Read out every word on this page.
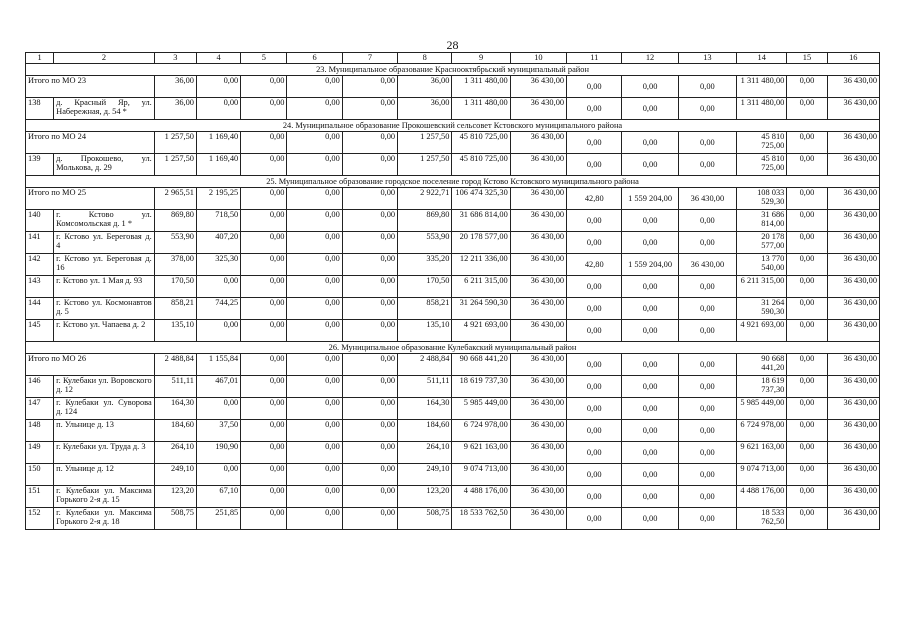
28
1	2	3	4	5	6	7	8	9	10	11	12	13	14	15	16
23. Муниципальное образование Краснооктябрьский муниципальный район															
Итого по МО 23		36,00	0,00	0,00	0,00	0,00	36,00	1 311 480,00	36 430,00	0,00	0,00	0,00	1 311 480,00	0,00	36 430,00
138	д. Красный Яр, ул. Набережная, д. 54 *	36,00	0,00	0,00	0,00	0,00	36,00	1 311 480,00	36 430,00	0,00	0,00	0,00	1 311 480,00	0,00	36 430,00
24. Муниципальное образование Прокошевский сельсовет Кстовского муниципального района															
Итого по МО 24		1 257,50	1 169,40	0,00	0,00	0,00	1 257,50	45 810 725,00	36 430,00	0,00	0,00	0,00	45 810 725,00	0,00	36 430,00
139	д. Прокошево, ул. Молькова, д. 29	1 257,50	1 169,40	0,00	0,00	0,00	1 257,50	45 810 725,00	36 430,00	0,00	0,00	0,00	45 810 725,00	0,00	36 430,00
25. Муниципальное образование городское поселение город Кстово Кстовского муниципального района															
Итого по МО 25		2 965,51	2 195,25	0,00	0,00	0,00	2 922,71	106 474 325,30	36 430,00	42,80	1 559 204,00	36 430,00	108 033 529,30	0,00	36 430,00
140	г. Кстово ул. Комсомольская д. 1 *	869,80	718,50	0,00	0,00	0,00	869,80	31 686 814,00	36 430,00	0,00	0,00	0,00	31 686 814,00	0,00	36 430,00
141	г. Кстово ул. Береговая д. 4	553,90	407,20	0,00	0,00	0,00	553,90	20 178 577,00	36 430,00	0,00	0,00	0,00	20 178 577,00	0,00	36 430,00
142	г. Кстово ул. Береговая д. 16	378,00	325,30	0,00	0,00	0,00	335,20	12 211 336,00	36 430,00	42,80	1 559 204,00	36 430,00	13 770 540,00	0,00	36 430,00
143	г. Кстово ул. 1 Мая д. 93	170,50	0,00	0,00	0,00	0,00	170,50	6 211 315,00	36 430,00	0,00	0,00	0,00	6 211 315,00	0,00	36 430,00
144	г. Кстово ул. Космонавтов д. 5	858,21	744,25	0,00	0,00	0,00	858,21	31 264 590,30	36 430,00	0,00	0,00	0,00	31 264 590,30	0,00	36 430,00
145	г. Кстово ул. Чапаева д. 2	135,10	0,00	0,00	0,00	0,00	135,10	4 921 693,00	36 430,00	0,00	0,00	0,00	4 921 693,00	0,00	36 430,00
26. Муниципальное образование Кулебакский муниципальный район															
Итого по МО 26		2 488,84	1 155,84	0,00	0,00	0,00	2 488,84	90 668 441,20	36 430,00	0,00	0,00	0,00	90 668 441,20	0,00	36 430,00
146	г. Кулебаки ул. Воровского д. 12	511,11	467,01	0,00	0,00	0,00	511,11	18 619 737,30	36 430,00	0,00	0,00	0,00	18 619 737,30	0,00	36 430,00
147	г. Кулебаки ул. Суворова д. 124	164,30	0,00	0,00	0,00	0,00	164,30	5 985 449,00	36 430,00	0,00	0,00	0,00	5 985 449,00	0,00	36 430,00
148	п. Ульнице д. 13	184,60	37,50	0,00	0,00	0,00	184,60	6 724 978,00	36 430,00	0,00	0,00	0,00	6 724 978,00	0,00	36 430,00
149	г. Кулебаки ул. Труда д. 3	264,10	190,90	0,00	0,00	0,00	264,10	9 621 163,00	36 430,00	0,00	0,00	0,00	9 621 163,00	0,00	36 430,00
150	п. Ульнице д. 12	249,10	0,00	0,00	0,00	0,00	249,10	9 074 713,00	36 430,00	0,00	0,00	0,00	9 074 713,00	0,00	36 430,00
151	г. Кулебаки ул. Максима Горького 2-я д. 15	123,20	67,10	0,00	0,00	0,00	123,20	4 488 176,00	36 430,00	0,00	0,00	0,00	4 488 176,00	0,00	36 430,00
152	г. Кулебаки ул. Максима Горького 2-я д. 18	508,75	251,85	0,00	0,00	0,00	508,75	18 533 762,50	36 430,00	0,00	0,00	0,00	18 533 762,50	0,00	36 430,00
